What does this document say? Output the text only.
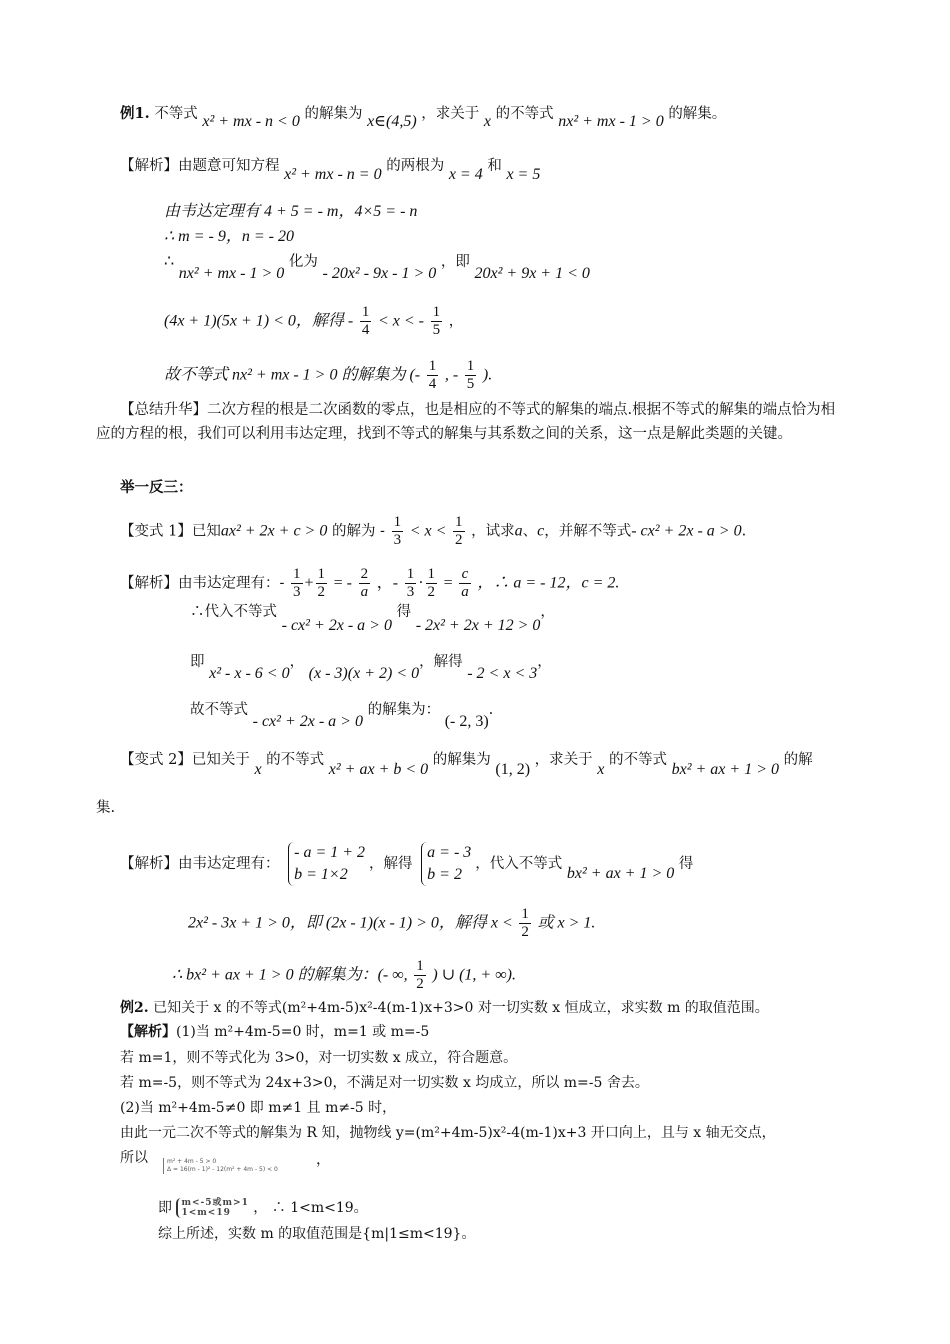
例1. 不等式 x² + mx - n < 0 的解集为 x∈(4,5) ，求关于 x 的不等式 nx² + mx - 1 > 0 的解集。
【解析】由题意可知方程 x² + mx - n = 0 的两根为 x = 4 和 x = 5
由韦达定理有 4 + 5 = - m，4×5 = - n
∴ m = - 9，n = - 20
∴ nx² + mx - 1 > 0 化为 - 20x² - 9x - 1 > 0 ，即 20x² + 9x + 1 < 0
(4x + 1)(5x + 1) < 0，解得 - $\frac{1}{4} < x$ < - $\frac{1}{5}$ ，
故不等式 nx² + mx - 1 > 0 的解集为 (- $\frac{1}{4}$ , - $\frac{1}{5}$ ).
【总结升华】二次方程的根是二次函数的零点，也是相应的不等式的解集的端点.根据不等式的解集的端点恰为相应的方程的根，我们可以利用韦达定理，找到不等式的解集与其系数之间的关系，这一点是解此类题的关键。
举一反三：
【变式 1】已知ax² + 2x + c > 0 的解为 - $\frac{1}{3} < x < \frac{1}{2}$ ，试求a、c，并解不等式- cx² + 2x - a > 0.
【解析】由韦达定理有：- $\frac{1}{3} + \frac{1}{2}$ = - $\frac{2}{a}$ ，- $\frac{1}{3} \cdot \frac{1}{2} = \frac{c}{a}$ ，∴ a = - 12，c = 2.
∴代入不等式 - cx² + 2x - a > 0 得 - 2x² + 2x + 12 > 0，
即 x² - x - 6 < 0， (x - 3)(x + 2) < 0，解得 - 2 < x < 3，
故不等式 - cx² + 2x - a > 0 的解集为： (- 2, 3).
【变式 2】已知关于 x 的不等式 x² + ax + b < 0 的解集为 (1, 2) ，求关于 x 的不等式 bx² + ax + 1 > 0 的解
集.
【解析】由韦达定理有：
- a = 1 + 2
b = 1×2
，解得
a = - 3
b = 2
，代入不等式 bx² + ax + 1 > 0 得
2x² - 3x + 1 > 0，即 (2x - 1)(x - 1) > 0，解得 $x < \frac{1}{2}$ 或 x > 1.
∴ bx² + ax + 1 > 0 的解集为：(- ∞, $\frac{1}{2}$ ) ∪ (1, + ∞).
例2. 已知关于 x 的不等式(m²+4m-5)x²-4(m-1)x+3>0 对一切实数 x 恒成立，求实数 m 的取值范围。
【解析】(1)当 m²+4m-5=0 时，m=1 或 m=-5
若 m=1，则不等式化为 3>0，对一切实数 x 成立，符合题意。
若 m=-5，则不等式为 24x+3>0，不满足对一切实数 x 均成立，所以 m=-5 舍去。
(2)当 m²+4m-5≠0 即 m≠1 且 m≠-5 时，
由此一元二次不等式的解集为 R 知，抛物线 y=(m²+4m-5)x²-4(m-1)x+3 开口向上，且与 x 轴无交点，
所以	m² + 4m - 5 > 0
Δ = 16(m - 1)² - 12(m² + 4m - 5) < 0
，
即 m<-5或m>1
1<m<19	， ∴ 1<m<19。
综上所述，实数 m 的取值范围是{m|1≤m<19}。
